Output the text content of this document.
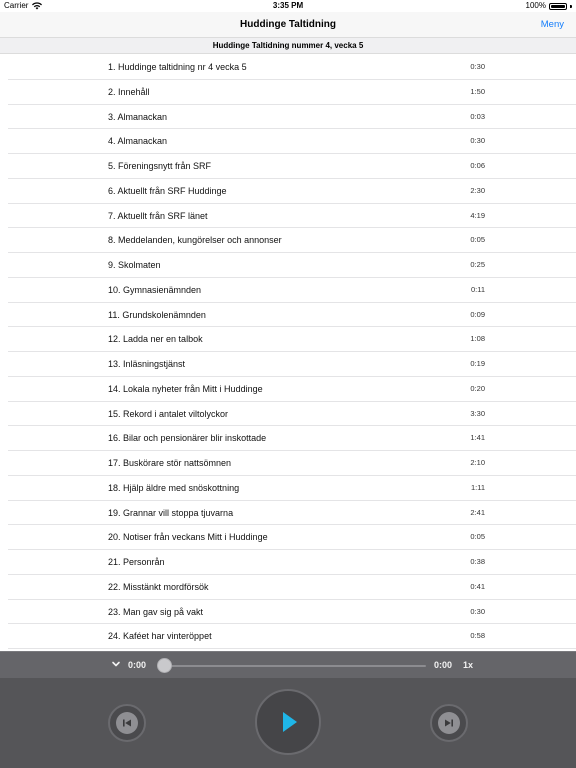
Carrier	3:35 PM	100%
Huddinge Taltidning	Meny
Huddinge Taltidning nummer 4, vecka 5
1. Huddinge taltidning nr 4 vecka 5	0:30
2. Innehåll	1:50
3. Almanackan	0:03
4. Almanackan	0:30
5. Föreningsnytt från SRF	0:06
6. Aktuellt från SRF Huddinge	2:30
7. Aktuellt från SRF länet	4:19
8. Meddelanden, kungörelser och annonser	0:05
9. Skolmaten	0:25
10. Gymnasienämnden	0:11
11. Grundskolenämnden	0:09
12. Ladda ner en talbok	1:08
13. Inläsningstjänst	0:19
14. Lokala nyheter från Mitt i Huddinge	0:20
15. Rekord i antalet viltolyckor	3:30
16. Bilar och pensionärer blir inskottade	1:41
17. Buskörare stör nattsömnen	2:10
18. Hjälp äldre med snöskottning	1:11
19. Grannar vill stoppa tjuvarna	2:41
20. Notiser från veckans Mitt i Huddinge	0:05
21. Personrån	0:38
22. Misstänkt mordförsök	0:41
23. Man gav sig på vakt	0:30
24. Kaféet har vinteröppet	0:58
0:00	0:00 1x
